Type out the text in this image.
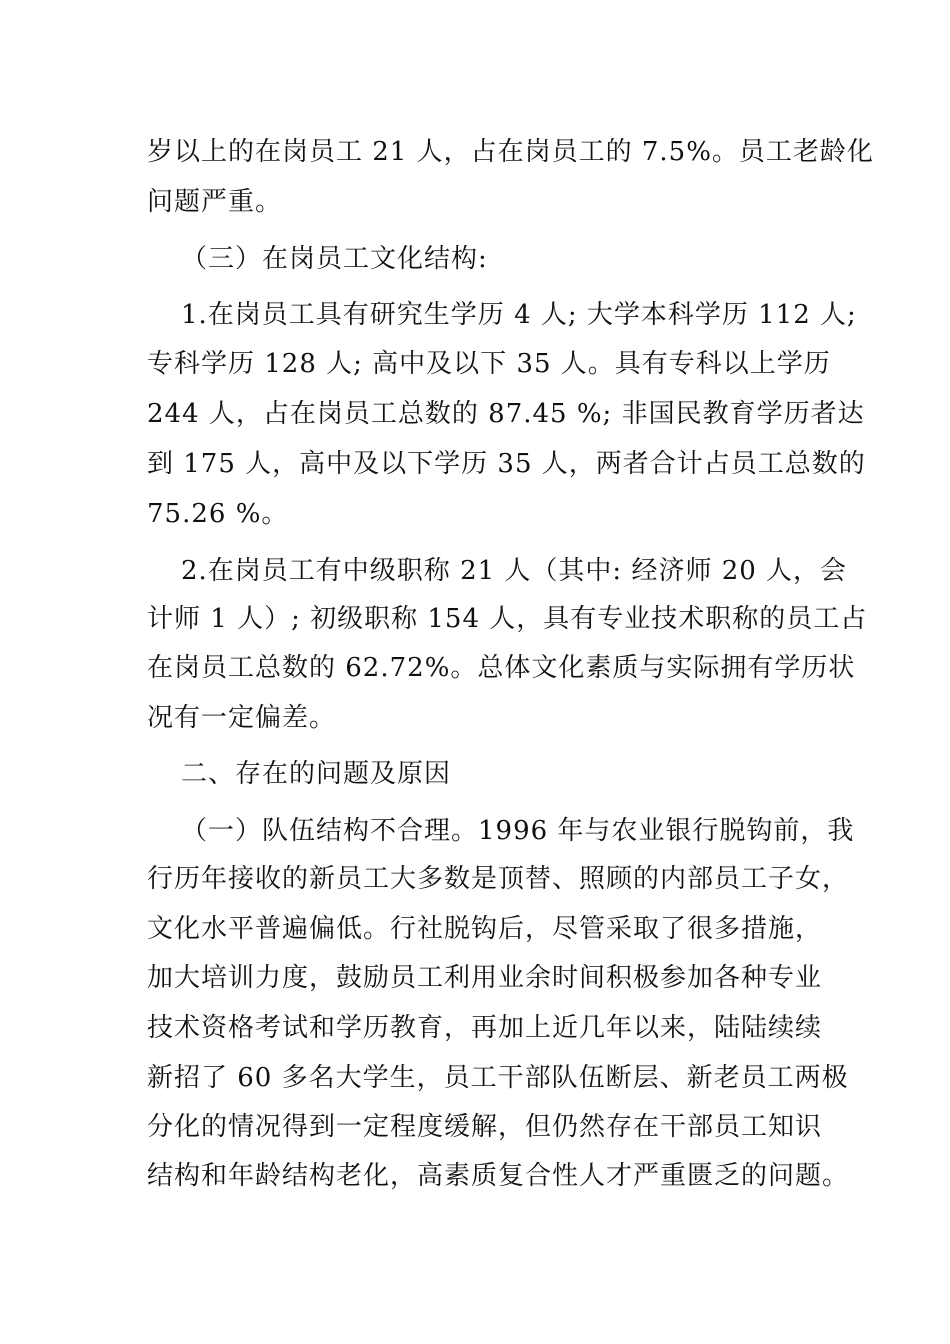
岁以上的在岗员工 21 人，占在岗员工的 7.5%。员工老龄化
问题严重。
（三）在岗员工文化结构:
1.在岗员工具有研究生学历 4 人; 大学本科学历 112 人;
专科学历 128 人; 高中及以下 35 人。具有专科以上学历
244 人，占在岗员工总数的 87.45 %; 非国民教育学历者达
到 175 人，高中及以下学历 35 人，两者合计占员工总数的
75.26 %。
2.在岗员工有中级职称 21 人（其中: 经济师 20 人，会
计师 1 人）; 初级职称 154 人，具有专业技术职称的员工占
在岗员工总数的 62.72%。总体文化素质与实际拥有学历状
况有一定偏差。
二、存在的问题及原因
（一）队伍结构不合理。1996 年与农业银行脱钩前，我
行历年接收的新员工大多数是顶替、照顾的内部员工子女，
文化水平普遍偏低。行社脱钩后，尽管采取了很多措施，
加大培训力度，鼓励员工利用业余时间积极参加各种专业
技术资格考试和学历教育，再加上近几年以来，陆陆续续
新招了 60 多名大学生，员工干部队伍断层、新老员工两极
分化的情况得到一定程度缓解，但仍然存在干部员工知识
结构和年龄结构老化，高素质复合性人才严重匮乏的问题。
